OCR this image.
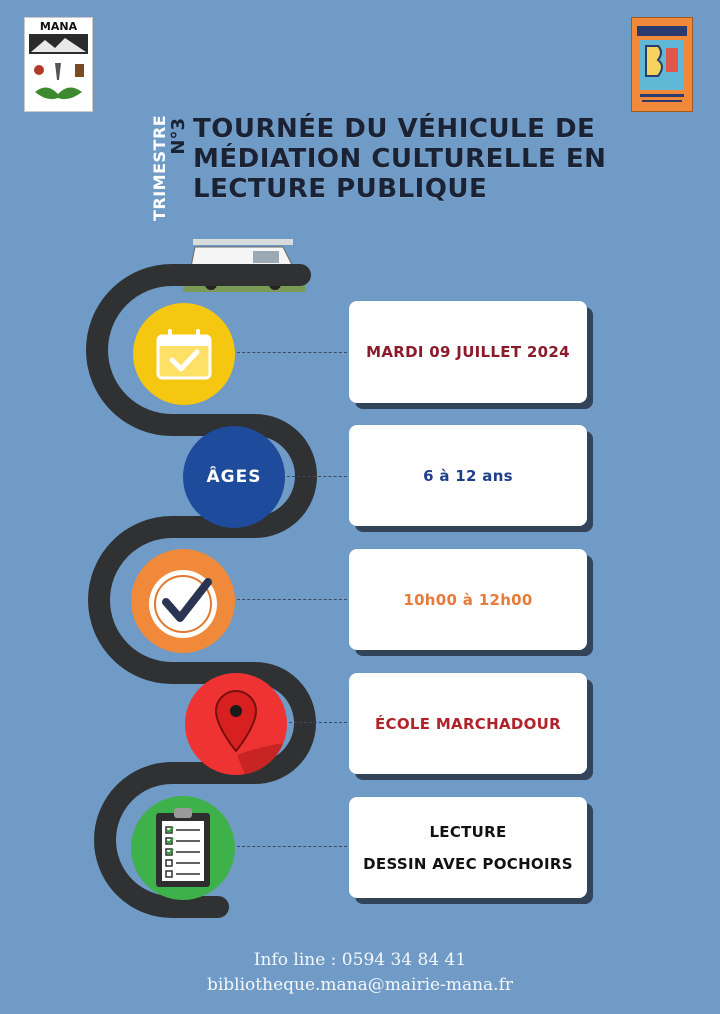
MANA
TRIMESTRE N°3 TOURNÉE DU VÉHICULE DE MÉDIATION CULTURELLE EN LECTURE PUBLIQUE
MARDI 09 JUILLET 2024
ÂGES	6 à 12 ans
10h00 à 12h00
ÉCOLE MARCHADOUR
LECTURE
DESSIN AVEC POCHOIRS
Info line : 0594 34 84 41
bibliotheque.mana@mairie-mana.fr
